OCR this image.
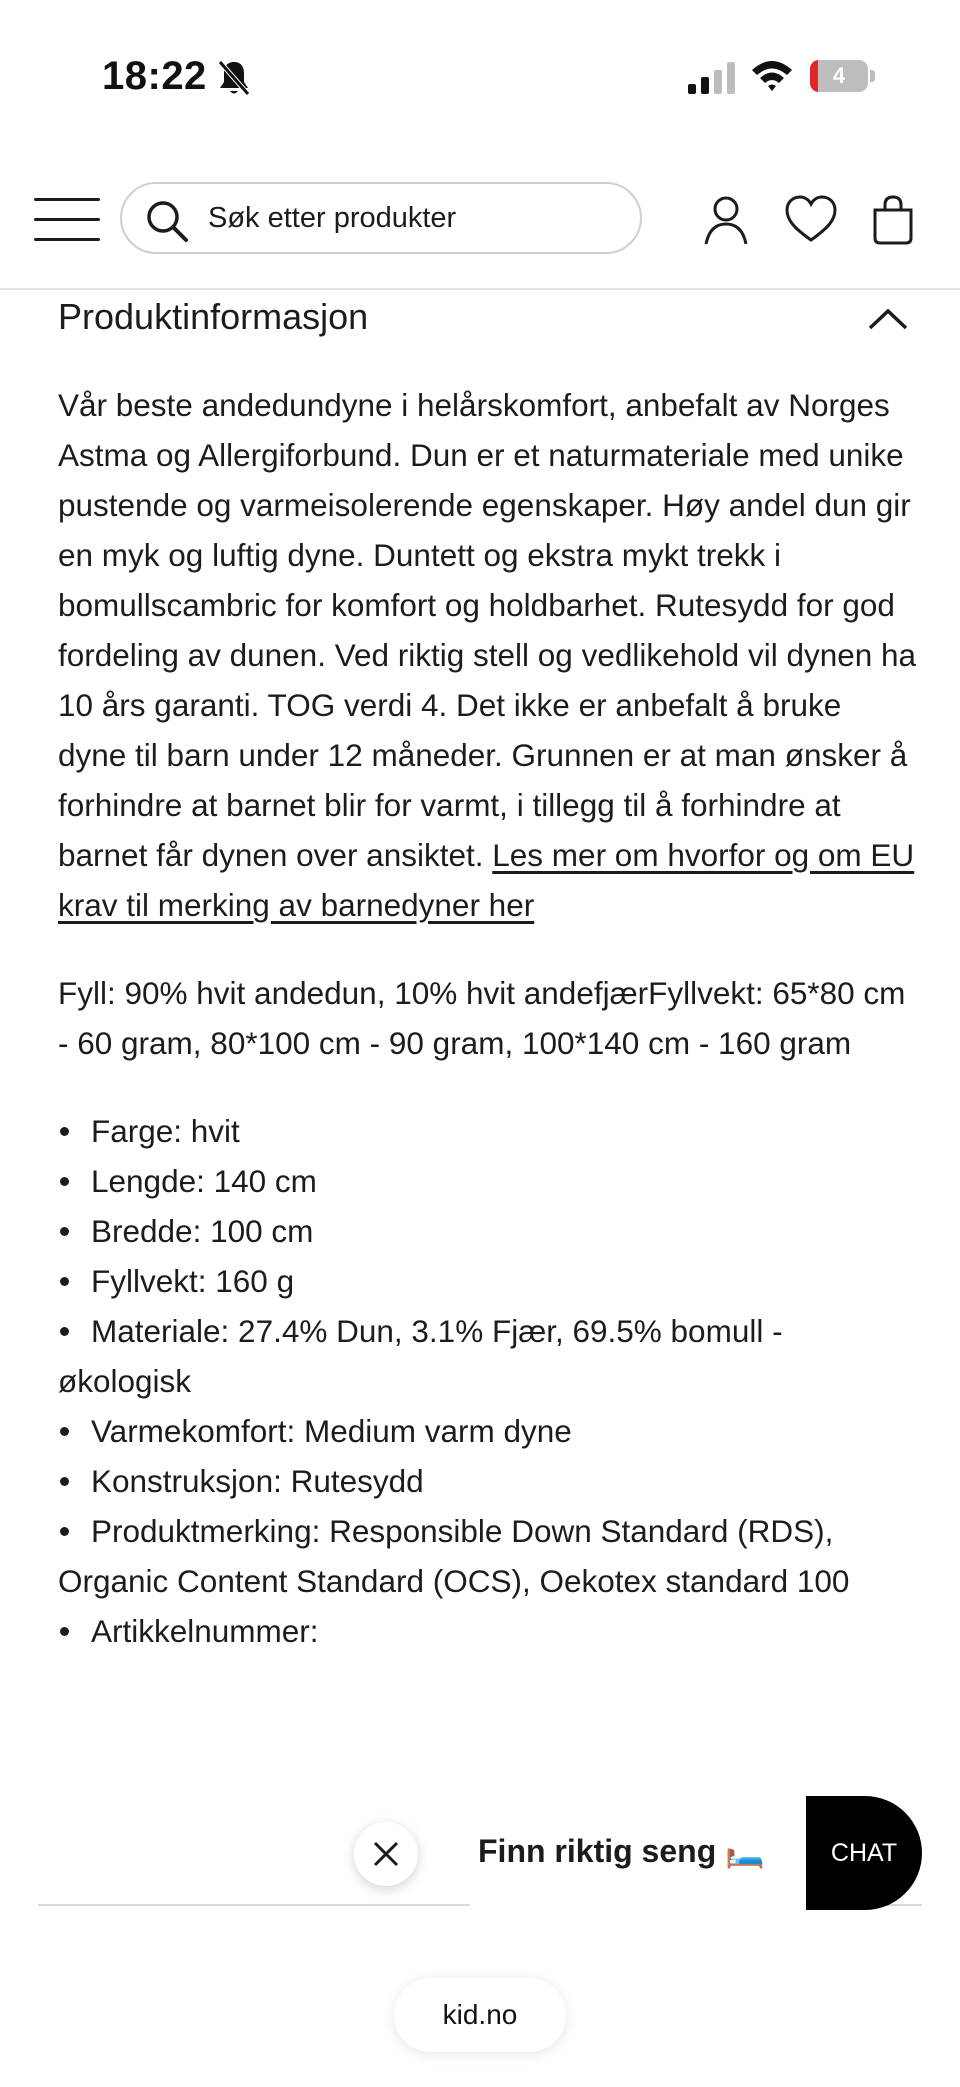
18:22	4
Søk etter produkter
Produktinformasjon

Vår beste andedundyne i helårskomfort, anbefalt av Norges Astma og Allergiforbund. Dun er et naturmateriale med unike pustende og varmeisolerende egenskaper. Høy andel dun gir en myk og luftig dyne. Duntett og ekstra mykt trekk i bomullscambric for komfort og holdbarhet. Rutesydd for god fordeling av dunen. Ved riktig stell og vedlikehold vil dynen ha 10 års garanti. TOG verdi 4. Det ikke er anbefalt å bruke dyne til barn under 12 måneder. Grunnen er at man ønsker å forhindre at barnet blir for varmt, i tillegg til å forhindre at barnet får dynen over ansiktet. Les mer om hvorfor og om EU krav til merking av barnedyner her

Fyll: 90% hvit andedun, 10% hvit andefjærFyllvekt: 65*80 cm - 60 gram, 80*100 cm - 90 gram, 100*140 cm - 160 gram

Farge: hvit
Lengde: 140 cm
Bredde: 100 cm
Fyllvekt: 160 g
Materiale: 27.4% Dun, 3.1% Fjær, 69.5% bomull - økologisk
Varmekomfort: Medium varm dyne
Konstruksjon: Rutesydd
Produktmerking: Responsible Down Standard (RDS), Organic Content Standard (OCS), Oekotex standard 100
Artikkelnummer:
Finn riktig seng 🛏️	CHAT
kid.no
